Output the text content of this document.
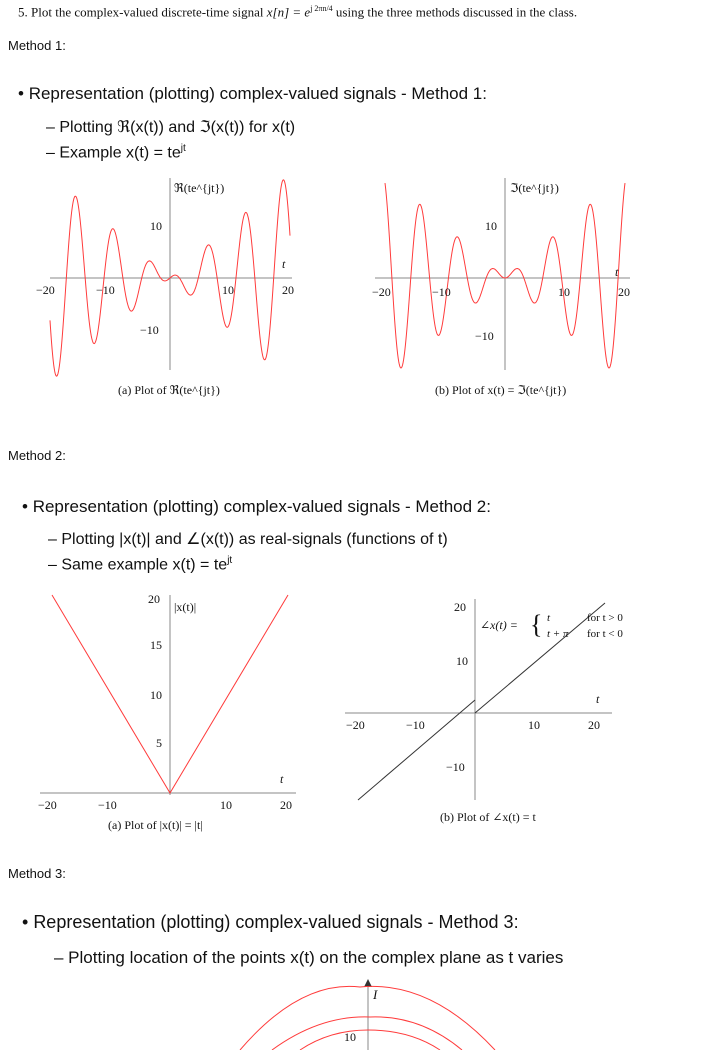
5. Plot the complex-valued discrete-time signal $x[n] = e^{j 2\pi n/4}$ using the three methods discussed in the class.
Method 1:
• Representation (plotting) complex-valued signals - Method 1:
– Plotting ℜ(x(t)) and ℑ(x(t)) for x(t)
– Example $x(t) = te^{jt}$
ℜ(te^{jt})
t
−20	−10	10	20
10
−10
(a) Plot of ℜ(te^{jt})
ℑ(te^{jt})
t
−20	−10	10	20
10
−10
(b) Plot of x(t) = ℑ(te^{jt})
Method 2:
• Representation (plotting) complex-valued signals - Method 2:
– Plotting |x(t)| and ∠(x(t)) as real-signals (functions of t)
– Same example $x(t) = te^{jt}$
|x(t)|
t
−20	−10	10	20
20
15
10
5
(a) Plot of |x(t)| = |t|
∠x(t) = { t	for t > 0
t + π for t < 0
t
−20	−10	10	20
20
10
−10
(b) Plot of ∠x(t) = t
Method 3:
• Representation (plotting) complex-valued signals - Method 3:
– Plotting location of the points x(t) on the complex plane as t varies
I
10
